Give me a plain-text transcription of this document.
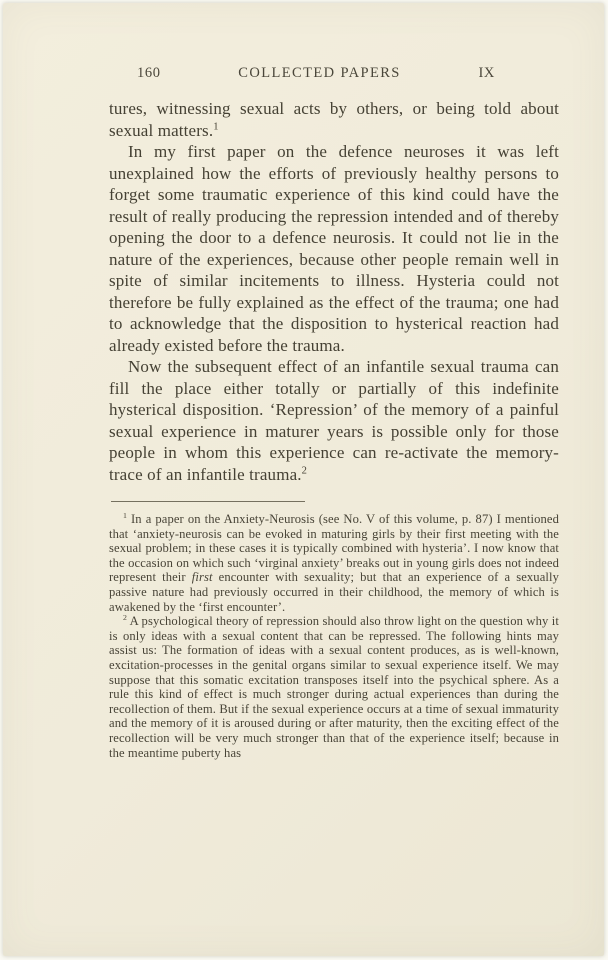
160	COLLECTED PAPERS	IX

tures, witnessing sexual acts by others, or being told about sexual matters.$^1$

In my first paper on the defence neuroses it was left unexplained how the efforts of previously healthy persons to forget some traumatic experience of this kind could have the result of really producing the repression intended and of thereby opening the door to a defence neurosis. It could not lie in the nature of the experiences, because other people remain well in spite of similar incitements to illness. Hysteria could not therefore be fully explained as the effect of the trauma; one had to acknowledge that the disposition to hysterical reaction had already existed before the trauma.

Now the subsequent effect of an infantile sexual trauma can fill the place either totally or partially of this indefinite hysterical disposition. ‘Repression’ of the memory of a painful sexual experience in maturer years is possible only for those people in whom this experience can re-activate the memory-trace of an infantile trauma.$^2$

$^1$ In a paper on the Anxiety-Neurosis (see No. V of this volume, p. 87) I mentioned that ‘anxiety-neurosis can be evoked in maturing girls by their first meeting with the sexual problem; in these cases it is typically combined with hysteria’. I now know that the occasion on which such ‘virginal anxiety’ breaks out in young girls does not indeed represent their first encounter with sexuality; but that an experience of a sexually passive nature had previously occurred in their childhood, the memory of which is awakened by the ‘first encounter’.

$^2$ A psychological theory of repression should also throw light on the question why it is only ideas with a sexual content that can be repressed. The following hints may assist us: The formation of ideas with a sexual content produces, as is well-known, excitation-processes in the genital organs similar to sexual experience itself. We may suppose that this somatic excitation transposes itself into the psychical sphere. As a rule this kind of effect is much stronger during actual experiences than during the recollection of them. But if the sexual experience occurs at a time of sexual immaturity and the memory of it is aroused during or after maturity, then the exciting effect of the recollection will be very much stronger than that of the experience itself; because in the meantime puberty has
